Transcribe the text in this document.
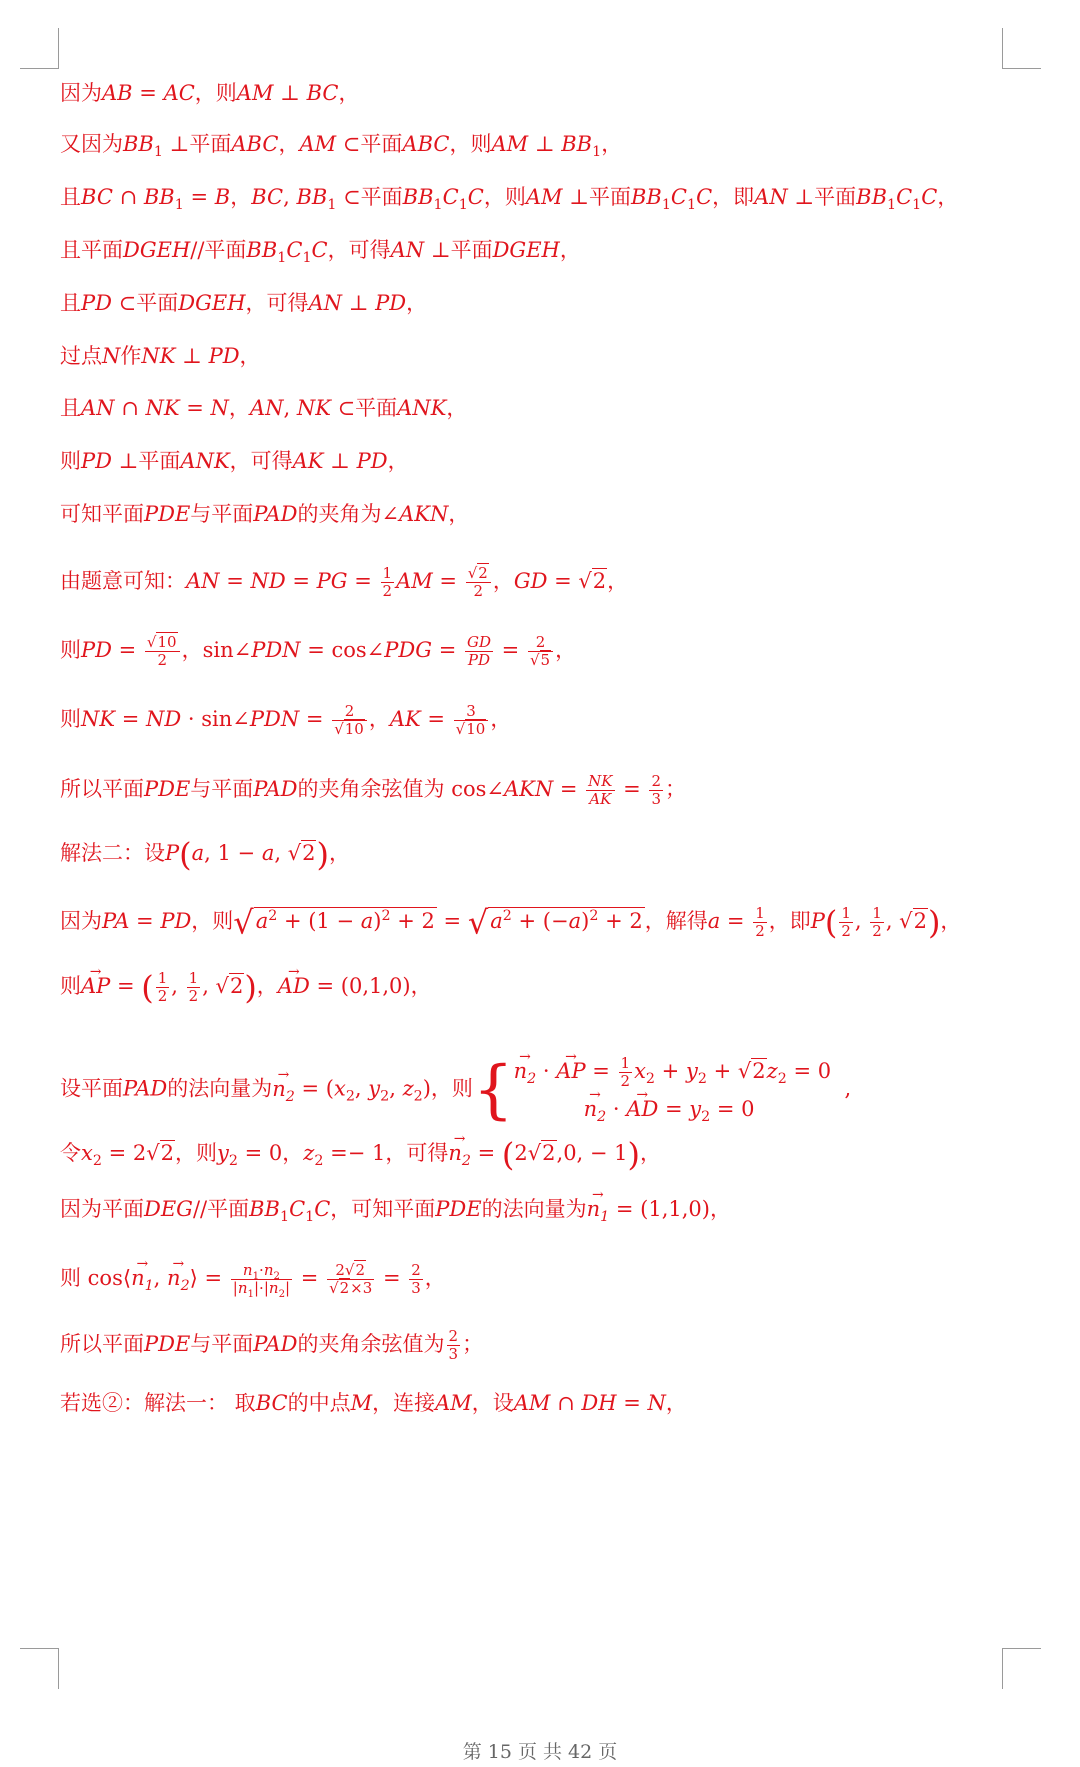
因为AB = AC，则AM ⊥ BC，
又因为$BB_1$ ⊥平面ABC，AM ⊂平面ABC，则AM ⊥ $BB_1$，
且BC ∩ $BB_1 = B$，BC, $BB_1$ ⊂平面$BB_1C_1C$，则AM ⊥平面$BB_1C_1C$，即AN ⊥平面$BB_1C_1C$，
且平面DGEH//平面$BB_1C_1C$，可得AN ⊥平面DGEH，
且PD ⊂平面DGEH，可得AN ⊥ PD，
过点N作NK ⊥ PD，
且AN ∩ NK = N，AN, NK ⊂平面ANK，
则PD ⊥平面ANK，可得AK ⊥ PD，
可知平面PDE与平面PAD的夹角为∠AKN，
由题意可知：AN = ND = PG = $\frac{1}{2}$ AM = $\frac{√2}{2}$ ，GD = √2，
则PD = $\frac{√10}{2}$ ，sin∠PDN = cos∠PDG = $\frac{GD}{PD} = \frac{2}{√5}$ ，
则NK = ND · sin∠PDN = $\frac{2}{√10}$ ，AK = $\frac{3}{√10}$ ，
所以平面PDE与平面PAD的夹角余弦值为 cos∠AKN = $\frac{NK}{AK} = \frac{2}{3}$ ；
解法二：设P(a, 1 − a, √2)，
因为PA = PD，则$√a^2 + (1 - a)^2 + 2 = √a^2 + (-a)^2 + 2$，解得$a = \frac{1}{2}$ ，即$P( \frac{1}{2}$ , $\frac{1}{2}$ , √2)，
则→ AP = ( $\frac{1}{2}$ , $\frac{1}{2}$ , √2)，→ AD = (0,1,0)，
设平面PAD的法向量为→ $n_2 = (x_2$, $y_2$, $z_2$)，则{
→ $n_2$ · → AP = $\frac{1}{2} x_2 + y_2 + √2z_2 = 0$
→ $n_2$ · → AD = $y_2 = 0$
,
令$x_2 = 2√2$，则$y_2 = 0$，$z_2 =- 1$，可得→ $n_2 = (2√2,0$, − 1)，
因为平面DEG//平面$BB_1C_1C$，可知平面PDE的法向量为→ $n_1 = (1,1,0)$，
则 cos⟨→ $n_1$, → $n_2⟩ = \frac{n_1\cdot n_2}{|n_1|\cdot|n_2|} = \frac{2√2}{√2\times 3} = \frac{2}{3}$ ，
所以平面PDE与平面PAD的夹角余弦值为 $\frac{2}{3}$ ；
若选②：解法一： 取BC的中点M，连接AM，设AM ∩ DH = N，
第 15 页 共 42 页
